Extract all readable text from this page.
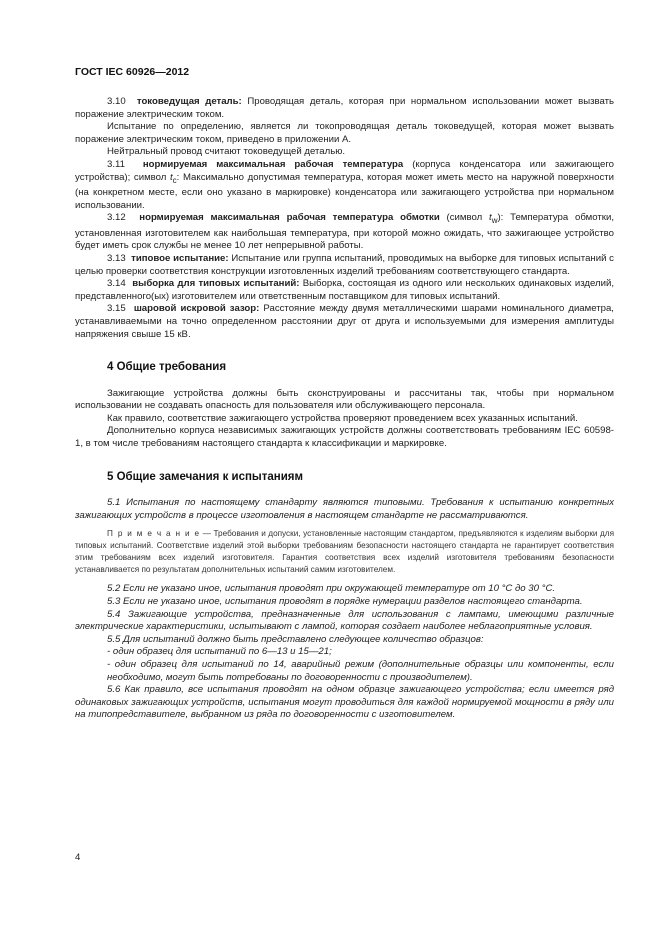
ГОСТ IEC 60926—2012

3.10 токоведущая деталь: Проводящая деталь, которая при нормальном использовании может вызвать поражение электрическим током.

Испытание по определению, является ли токопроводящая деталь токоведущей, которая может вызвать поражение электрическим током, приведено в приложении А.

Нейтральный провод считают токоведущей деталью.

3.11 нормируемая максимальная рабочая температура (корпуса конденсатора или зажигающего устройства); символ $t_c$: Максимально допустимая температура, которая может иметь место на наружной поверхности (на конкретном месте, если оно указано в маркировке) конденсатора или зажигающего устройства при нормальном использовании.

3.12 нормируемая максимальная рабочая температура обмотки (символ $t_w$): Температура обмотки, установленная изготовителем как наибольшая температура, при которой можно ожидать, что зажигающее устройство будет иметь срок службы не менее 10 лет непрерывной работы.

3.13 типовое испытание: Испытание или группа испытаний, проводимых на выборке для типовых испытаний с целью проверки соответствия конструкции изготовленных изделий требованиям соответствующего стандарта.

3.14 выборка для типовых испытаний: Выборка, состоящая из одного или нескольких одинаковых изделий, представленного(ых) изготовителем или ответственным поставщиком для типовых испытаний.

3.15 шаровой искровой зазор: Расстояние между двумя металлическими шарами номинального диаметра, устанавливаемыми на точно определенном расстоянии друг от друга и используемыми для измерения амплитуды напряжения свыше 15 кВ.

4 Общие требования

Зажигающие устройства должны быть сконструированы и рассчитаны так, чтобы при нормальном использовании не создавать опасность для пользователя или обслуживающего персонала.

Как правило, соответствие зажигающего устройства проверяют проведением всех указанных испытаний.

Дополнительно корпуса независимых зажигающих устройств должны соответствовать требованиям IEC 60598-1, в том числе требованиям настоящего стандарта к классификации и маркировке.

5 Общие замечания к испытаниям

5.1 Испытания по настоящему стандарту являются типовыми. Требования к испытанию конкретных зажигающих устройств в процессе изготовления в настоящем стандарте не рассматриваются.

П р и м е ч а н и е — Требования и допуски, установленные настоящим стандартом, предъявляются к изделиям выборки для типовых испытаний. Соответствие изделий этой выборки требованиям безопасности настоящего стандарта не гарантирует соответствия этим требованиям всех изделий изготовителя. Гарантия соответствия всех изделий изготовителя требованиям безопасности устанавливается по результатам дополнительных испытаний самим изготовителем.

5.2 Если не указано иное, испытания проводят при окружающей температуре от 10 °С до 30 °С.

5.3 Если не указано иное, испытания проводят в порядке нумерации разделов настоящего стандарта.

5.4 Зажигающие устройства, предназначенные для использования с лампами, имеющими различные электрические характеристики, испытывают с лампой, которая создает наиболее неблагоприятные условия.

5.5 Для испытаний должно быть представлено следующее количество образцов:

- один образец для испытаний по 6—13 и 15—21;

- один образец для испытаний по 14, аварийный режим (дополнительные образцы или компоненты, если необходимо, могут быть потребованы по договоренности с производителем).

5.6 Как правило, все испытания проводят на одном образце зажигающего устройства; если имеется ряд одинаковых зажигающих устройств, испытания могут проводиться для каждой нормируемой мощности в ряду или на типопредставителе, выбранном из ряда по договоренности с изготовителем.

4
